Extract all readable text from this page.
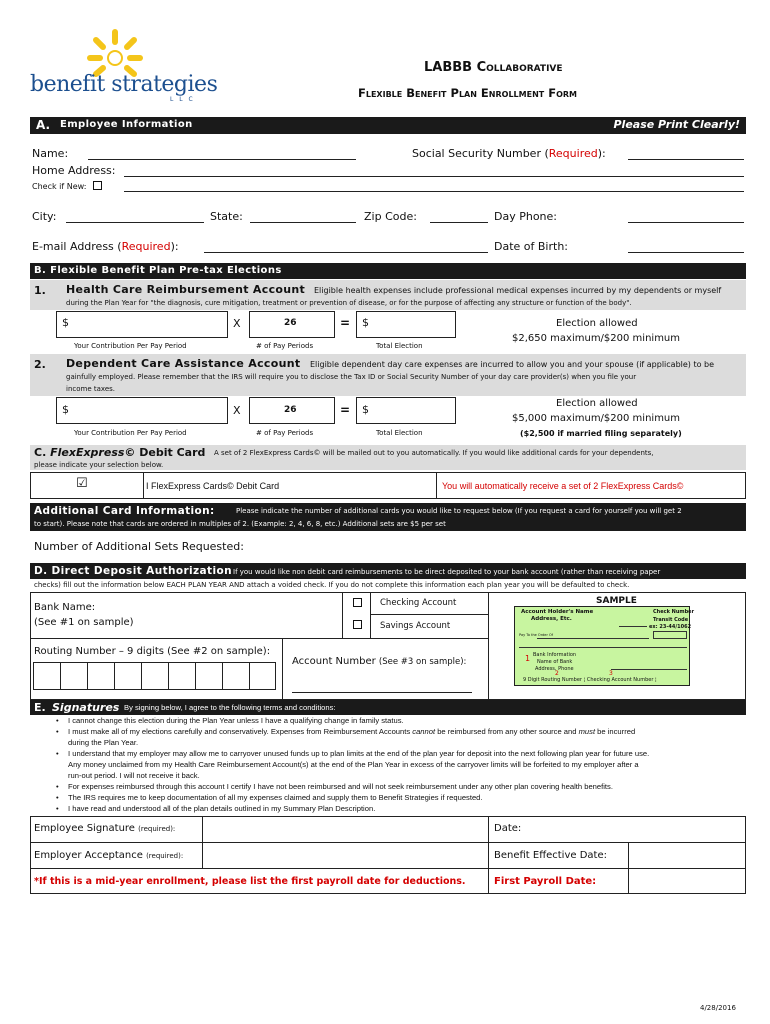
benefit strategies
L L C
LABBB Collaborative
Flexible Benefit Plan Enrollment Form
A. Employee Information	Please Print Clearly!
Name:	Social Security Number (Required):
Home Address:
Check if New:
City:	State:	Zip Code:	Day Phone:
E-mail Address (Required):	Date of Birth:
B. Flexible Benefit Plan Pre-tax Elections
1. Health Care Reimbursement Account Eligible health expenses include professional medical expenses incurred by my dependents or myself
during the Plan Year for "the diagnosis, cure mitigation, treatment or prevention of disease, or for the purpose of affecting any structure or function of the body".
$	X	26	= $	Election allowed
$2,650 maximum/$200 minimum
Your Contribution Per Pay Period	# of Pay Periods	Total Election
2. Dependent Care Assistance Account Eligible dependent day care expenses are incurred to allow you and your spouse (if applicable) to be
gainfully employed. Please remember that the IRS will require you to disclose the Tax ID or Social Security Number of your day care provider(s) when you file your
income taxes.
$	X	26	= $	Election allowed
$5,000 maximum/$200 minimum
Your Contribution Per Pay Period	# of Pay Periods	Total Election	($2,500 if married filing separately)
C. FlexExpress© Debit Card A set of 2 FlexExpress Cards© will be mailed out to you automatically. If you would like additional cards for your dependents,
please indicate your selection below.
☑	I FlexExpress Cards© Debit Card	You will automatically receive a set of 2 FlexExpress Cards©
Additional Card Information:	Please indicate the number of additional cards you would like to request below (If you request a card for yourself you will get 2
to start). Please note that cards are ordered in multiples of 2. (Example: 2, 4, 6, 8, etc.) Additional sets are $5 per set
Number of Additional Sets Requested:
D. Direct Deposit Authorization If you would like non debit card reimbursements to be direct deposited to your bank account (rather than receiving paper
checks) fill out the information below EACH PLAN YEAR AND attach a voided check. If you do not complete this information each plan year you will be defaulted to check.
Bank Name:
(See #1 on sample)
Checking Account
Savings Account
Routing Number – 9 digits (See #2 on sample):
Account Number (See #3 on sample):
SAMPLE
Account Holder's Name
Address, Etc.
Check Number
Transit Code
ex: 23-44/1062
Pay To the Order Of
1 Bank Information
Name of Bank
Address, Phone
2	3
9 Digit Routing Number ¦ Checking Account Number ¦
E. Signatures By signing below, I agree to the following terms and conditions:
• I cannot change this election during the Plan Year unless I have a qualifying change in family status.
• I must make all of my elections carefully and conservatively. Expenses from Reimbursement Accounts cannot be reimbursed from any other source and must be incurred
during the Plan Year.
• I understand that my employer may allow me to carryover unused funds up to plan limits at the end of the plan year for deposit into the next following plan year for future use.
Any money unclaimed from my Health Care Reimbursement Account(s) at the end of the Plan Year in excess of the carryover limits will be forfeited to my employer after a
run-out period. I will not receive it back.
• For expenses reimbursed through this account I certify I have not been reimbursed and will not seek reimbursement under any other plan covering health benefits.
• The IRS requires me to keep documentation of all my expenses claimed and supply them to Benefit Strategies if requested.
• I have read and understood all of the plan details outlined in my Summary Plan Description.
Employee Signature (required):	Date:
Employer Acceptance (required):	Benefit Effective Date:
*If this is a mid-year enrollment, please list the first payroll date for deductions.	First Payroll Date:
4/28/2016
